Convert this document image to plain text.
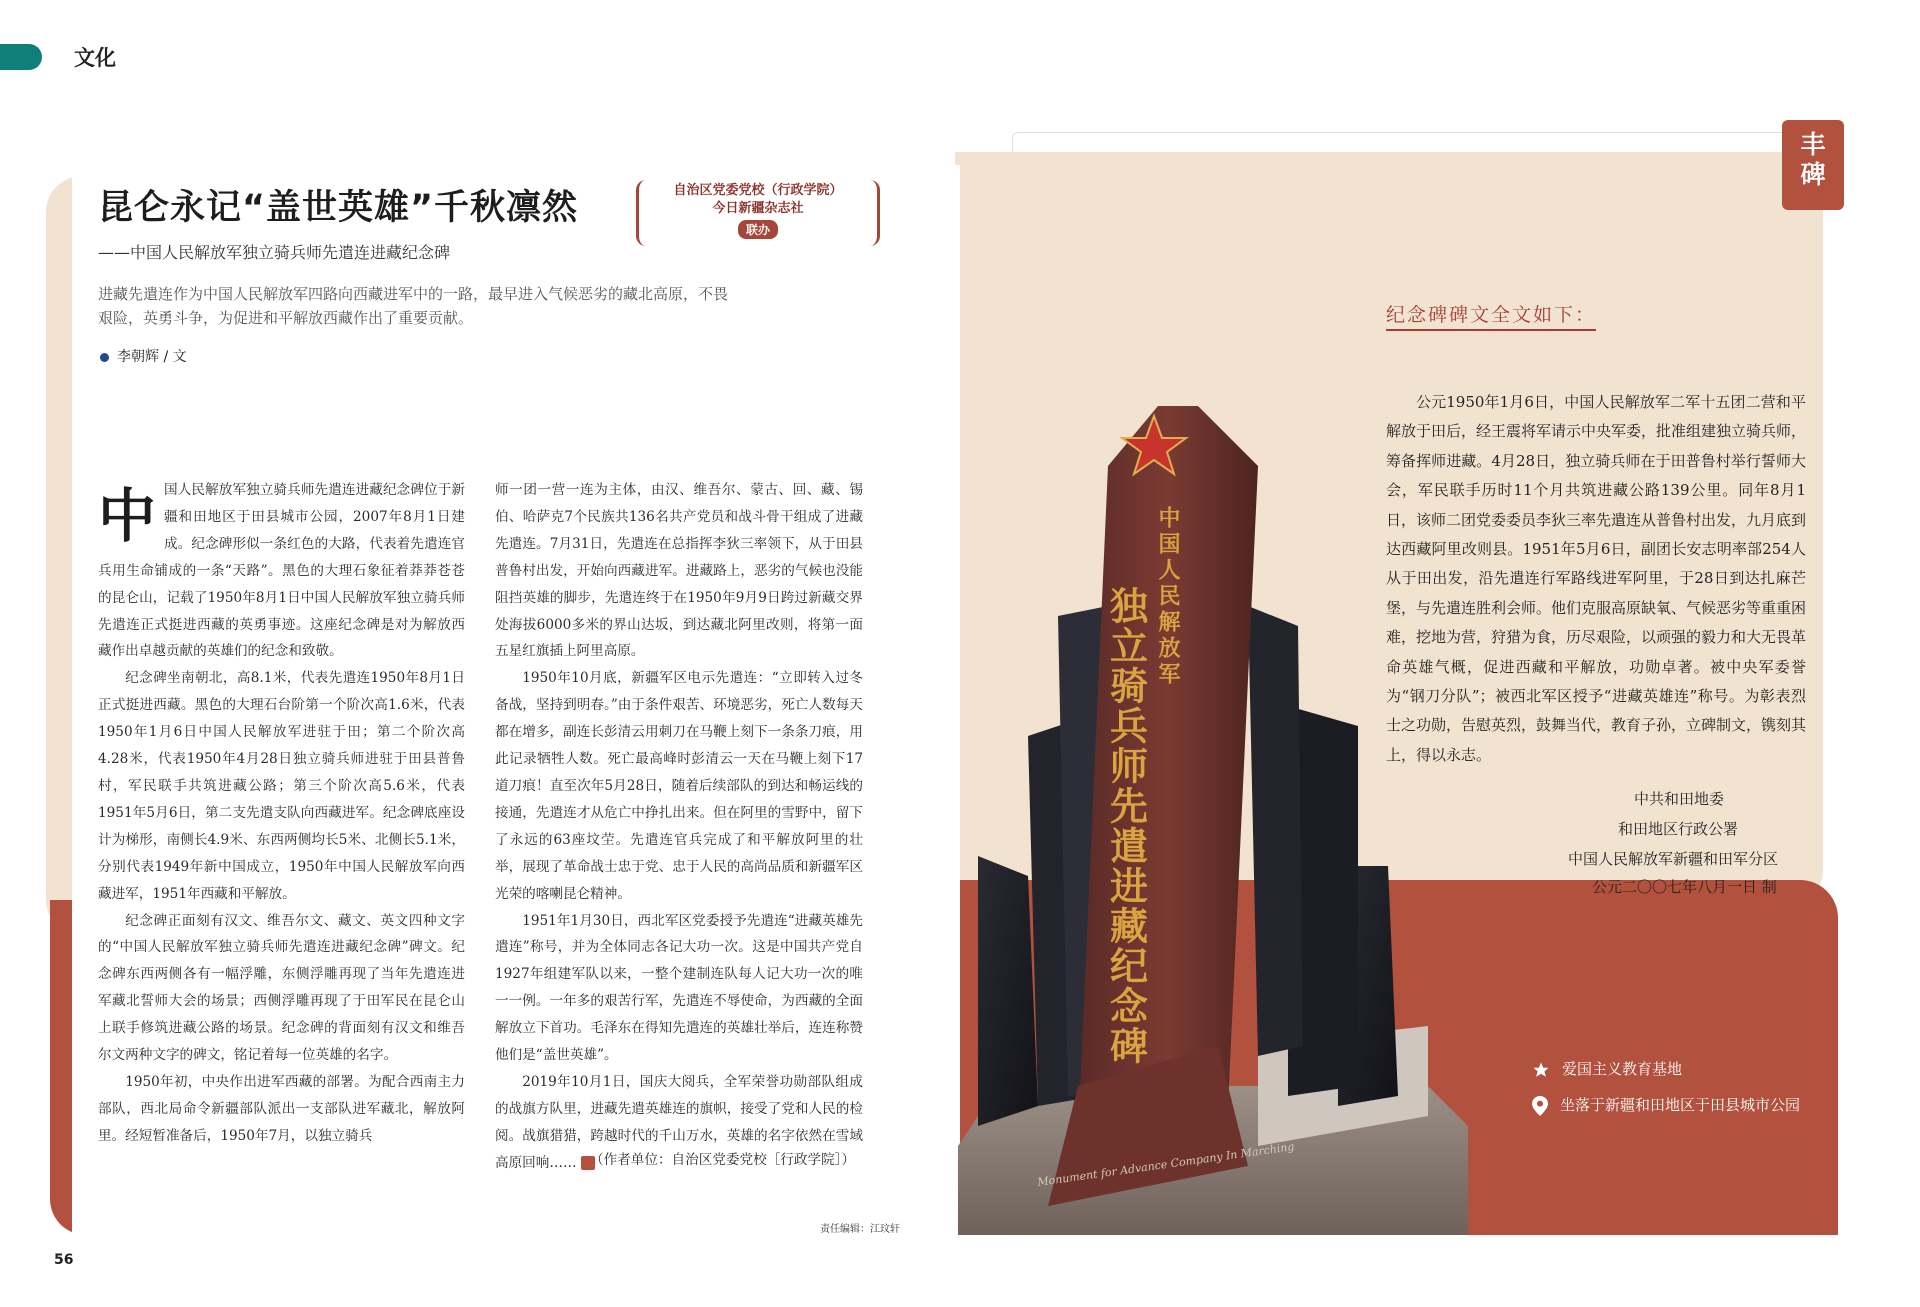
文化
昆仑永记“盖世英雄”千秋凛然
——中国人民解放军独立骑兵师先遣连进藏纪念碑
自治区党委党校（行政学院）
今日新疆杂志社
联办
进藏先遣连作为中国人民解放军四路向西藏进军中的一路，最早进入气候恶劣的藏北高原，不畏艰险，英勇斗争，为促进和平解放西藏作出了重要贡献。
李朝辉 / 文
中 国人民解放军独立骑兵师先遣连进藏纪念碑位于新疆和田地区于田县城市公园，2007年8月1日建成。纪念碑形似一条红色的大路，代表着先遣连官兵用生命铺成的一条“天路”。黑色的大理石象征着莽莽苍苍的昆仑山，记载了1950年8月1日中国人民解放军独立骑兵师先遣连正式挺进西藏的英勇事迹。这座纪念碑是对为解放西藏作出卓越贡献的英雄们的纪念和致敬。

纪念碑坐南朝北，高8.1米，代表先遣连1950年8月1日正式挺进西藏。黑色的大理石台阶第一个阶次高1.6米，代表1950年1月6日中国人民解放军进驻于田；第二个阶次高4.28米，代表1950年4月28日独立骑兵师进驻于田县普鲁村，军民联手共筑进藏公路；第三个阶次高5.6米，代表1951年5月6日，第二支先遣支队向西藏进军。纪念碑底座设计为梯形，南侧长4.9米、东西两侧均长5米、北侧长5.1米，分别代表1949年新中国成立，1950年中国人民解放军向西藏进军，1951年西藏和平解放。

纪念碑正面刻有汉文、维吾尔文、藏文、英文四种文字的“中国人民解放军独立骑兵师先遣连进藏纪念碑”碑文。纪念碑东西两侧各有一幅浮雕，东侧浮雕再现了当年先遣连进军藏北誓师大会的场景；西侧浮雕再现了于田军民在昆仑山上联手修筑进藏公路的场景。纪念碑的背面刻有汉文和维吾尔文两种文字的碑文，铭记着每一位英雄的名字。

1950年初，中央作出进军西藏的部署。为配合西南主力部队，西北局命令新疆部队派出一支部队进军藏北，解放阿里。经短暂准备后，1950年7月，以独立骑兵

师一团一营一连为主体，由汉、维吾尔、蒙古、回、藏、锡伯、哈萨克7个民族共136名共产党员和战斗骨干组成了进藏先遣连。7月31日，先遣连在总指挥李狄三率领下，从于田县普鲁村出发，开始向西藏进军。进藏路上，恶劣的气候也没能阻挡英雄的脚步，先遣连终于在1950年9月9日跨过新藏交界处海拔6000多米的界山达坂，到达藏北阿里改则，将第一面五星红旗插上阿里高原。

1950年10月底，新疆军区电示先遣连：“立即转入过冬备战，坚持到明春。”由于条件艰苦、环境恶劣，死亡人数每天都在增多，副连长彭清云用刺刀在马鞭上刻下一条条刀痕，用此记录牺牲人数。死亡最高峰时彭清云一天在马鞭上刻下17道刀痕！直至次年5月28日，随着后续部队的到达和畅运线的接通，先遣连才从危亡中挣扎出来。但在阿里的雪野中，留下了永远的63座坟茔。先遣连官兵完成了和平解放阿里的壮举，展现了革命战士忠于党、忠于人民的高尚品质和新疆军区光荣的喀喇昆仑精神。

1951年1月30日，西北军区党委授予先遣连“进藏英雄先遣连”称号，并为全体同志各记大功一次。这是中国共产党自1927年组建军队以来，一整个建制连队每人记大功一次的唯一一例。一年多的艰苦行军，先遣连不辱使命，为西藏的全面解放立下首功。毛泽东在得知先遣连的英雄壮举后，连连称赞他们是“盖世英雄”。

2019年10月1日，国庆大阅兵，全军荣誉功勋部队组成的战旗方队里，进藏先遣英雄连的旗帜，接受了党和人民的检阅。战旗猎猎，跨越时代的千山万水，英雄的名字依然在雪域高原回响…… （作者单位：自治区党委党校［行政学院］）
责任编辑：江玟轩
56
丰
碑
中国人民解放军
独立骑兵师先遣进藏纪念碑
Monument for Advance Company In Marching
纪念碑碑文全文如下：
公元1950年1月6日，中国人民解放军二军十五团二营和平解放于田后，经王震将军请示中央军委，批准组建独立骑兵师，筹备挥师进藏。4月28日，独立骑兵师在于田普鲁村举行誓师大会，军民联手历时11个月共筑进藏公路139公里。同年8月1日，该师二团党委委员李狄三率先遣连从普鲁村出发，九月底到达西藏阿里改则县。1951年5月6日，副团长安志明率部254人从于田出发，沿先遣连行军路线进军阿里，于28日到达扎麻芒堡，与先遣连胜利会师。他们克服高原缺氧、气候恶劣等重重困难，挖地为营，狩猎为食，历尽艰险，以顽强的毅力和大无畏革命英雄气概，促进西藏和平解放，功勋卓著。被中央军委誉为“钢刀分队”；被西北军区授予“进藏英雄连”称号。为彰表烈士之功勋，告慰英烈，鼓舞当代，教育子孙，立碑制文，镌刻其上，得以永志。
中共和田地委
和田地区行政公署
中国人民解放军新疆和田军分区
公元二〇〇七年八月一日 制
爱国主义教育基地
坐落于新疆和田地区于田县城市公园
